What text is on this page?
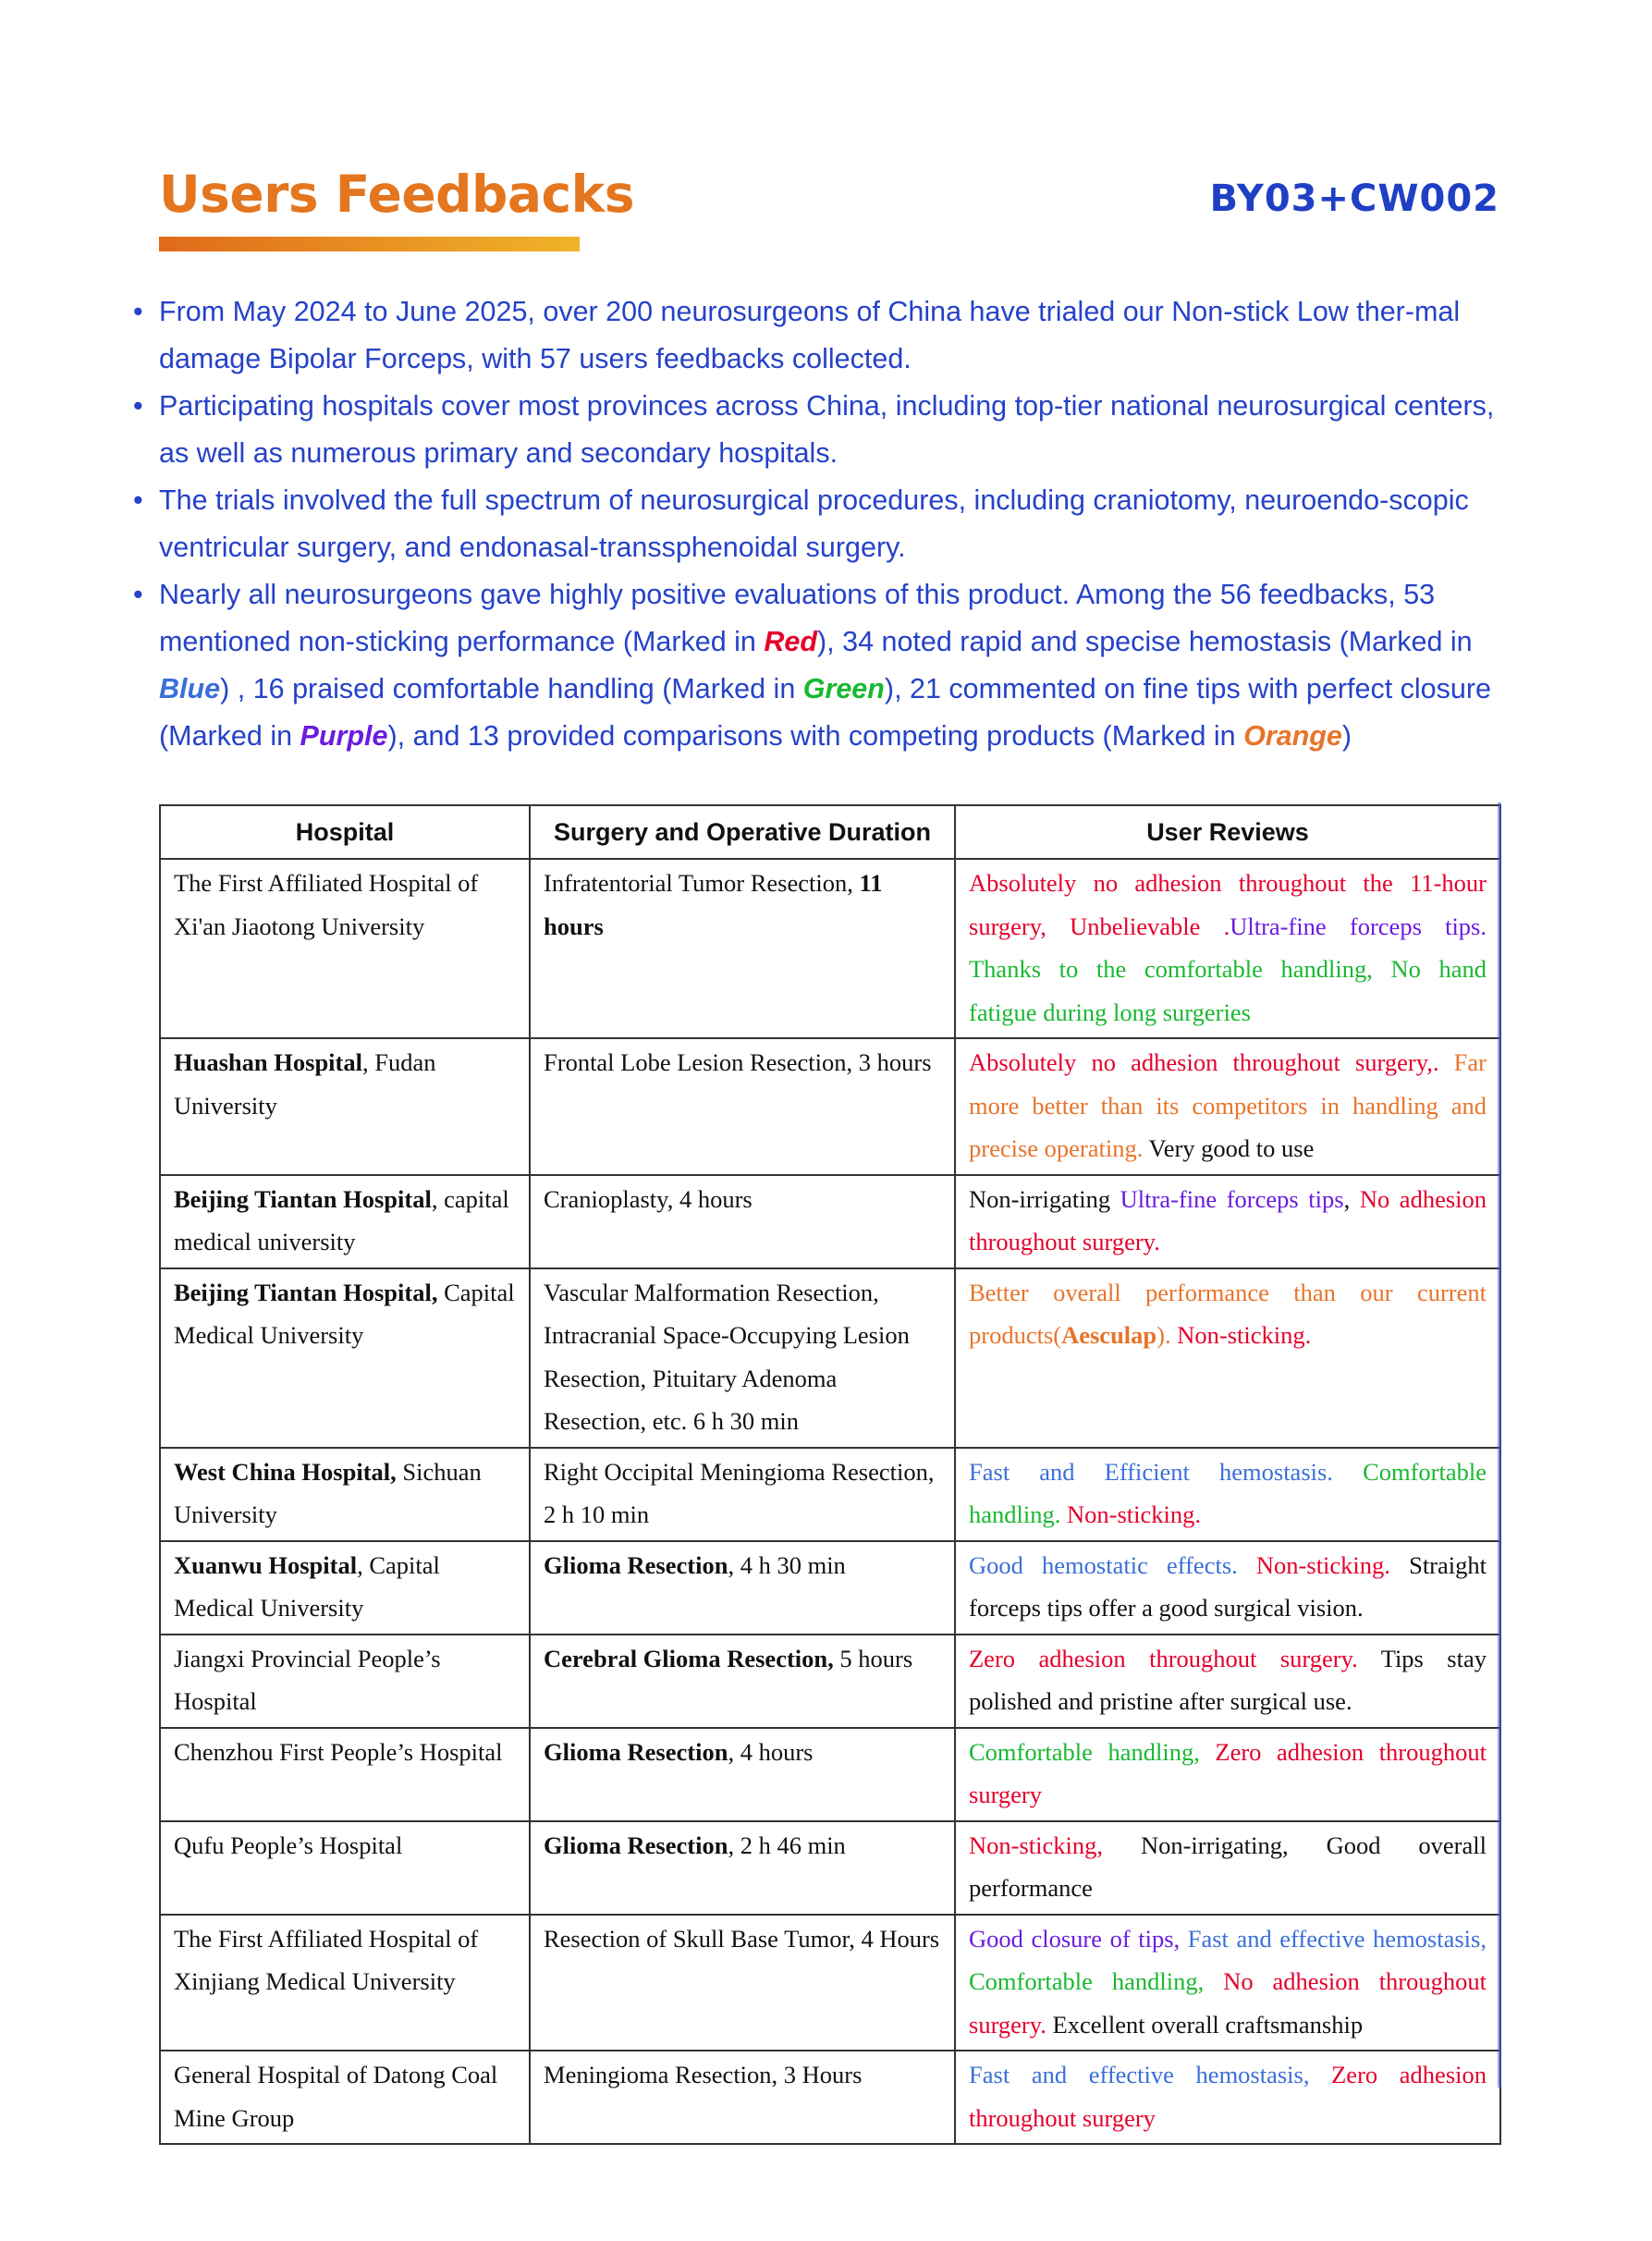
Users Feedbacks	BY03+CW002
• From May 2024 to June 2025, over 200 neurosurgeons of China have trialed our Non-stick Low ther-mal damage Bipolar Forceps, with 57 users feedbacks collected.
• Participating hospitals cover most provinces across China, including top-tier national neurosurgical centers, as well as numerous primary and secondary hospitals.
• The trials involved the full spectrum of neurosurgical procedures, including craniotomy, neuroendo-scopic ventricular surgery, and endonasal-transsphenoidal surgery.
• Nearly all neurosurgeons gave highly positive evaluations of this product. Among the 56 feedbacks, 53 mentioned non-sticking performance (Marked in Red), 34 noted rapid and specise hemostasis (Marked in Blue) , 16 praised comfortable handling (Marked in Green), 21 commented on fine tips with perfect closure (Marked in Purple), and 13 provided comparisons with competing products (Marked in Orange)
Hospital	Surgery and Operative Duration	User Reviews
The First Affiliated Hospital of Xi'an Jiaotong University	Infratentorial Tumor Resection, 11 hours	Absolutely no adhesion throughout the 11-hour surgery, Unbelievable .Ultra-fine forceps tips. Thanks to the comfortable handling, No hand fatigue during long surgeries
Huashan Hospital, Fudan University	Frontal Lobe Lesion Resection, 3 hours	Absolutely no adhesion throughout surgery,. Far more better than its competitors in handling and precise operating. Very good to use
Beijing Tiantan Hospital, capital medical university	Cranioplasty, 4 hours	Non-irrigating Ultra-fine forceps tips, No adhesion throughout surgery.
Beijing Tiantan Hospital, Capital Medical University	Vascular Malformation Resection, Intracranial Space-Occupying Lesion Resection, Pituitary Adenoma Resection, etc. 6 h 30 min	Better overall performance than our current products(Aesculap). Non-sticking.
West China Hospital, Sichuan University	Right Occipital Meningioma Resection, 2 h 10 min	Fast and Efficient hemostasis. Comfortable handling. Non-sticking.
Xuanwu Hospital, Capital Medical University	Glioma Resection, 4 h 30 min	Good hemostatic effects. Non-sticking. Straight forceps tips offer a good surgical vision.
Jiangxi Provincial People’s Hospital	Cerebral Glioma Resection, 5 hours	Zero adhesion throughout surgery. Tips stay polished and pristine after surgical use.
Chenzhou First People’s Hospital	Glioma Resection, 4 hours	Comfortable handling, Zero adhesion throughout surgery
Qufu People’s Hospital	Glioma Resection, 2 h 46 min	Non-sticking, Non-irrigating, Good overall performance
The First Affiliated Hospital of Xinjiang Medical University	Resection of Skull Base Tumor, 4 Hours	Good closure of tips, Fast and effective hemostasis, Comfortable handling, No adhesion throughout surgery. Excellent overall craftsmanship
General Hospital of Datong Coal Mine Group	Meningioma Resection, 3 Hours	Fast and effective hemostasis, Zero adhesion throughout surgery
